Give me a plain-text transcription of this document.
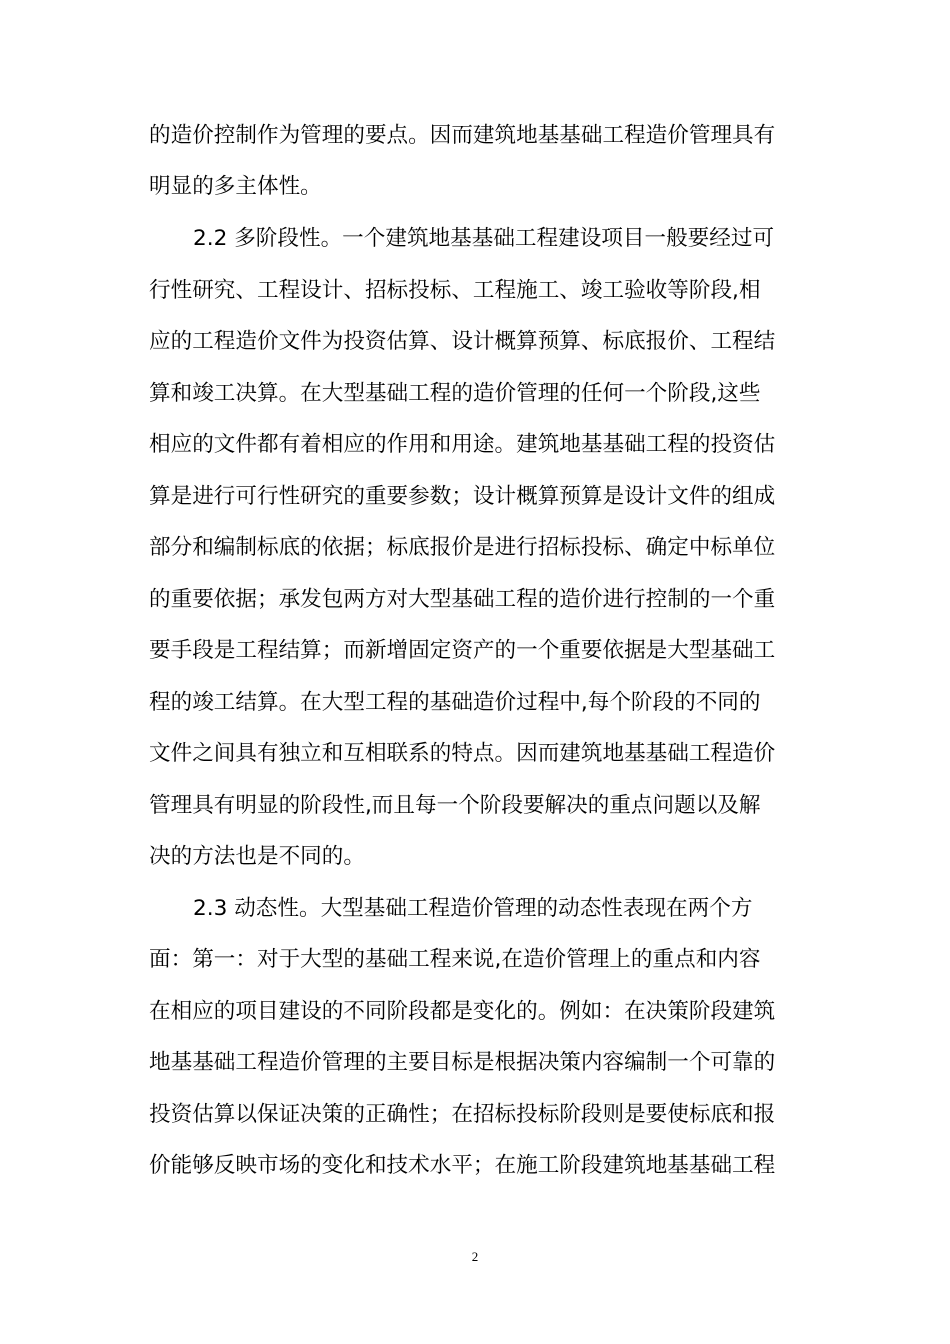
的造价控制作为管理的要点。因而建筑地基基础工程造价管理具有
明显的多主体性。
2.2 多阶段性。一个建筑地基基础工程建设项目一般要经过可
行性研究、工程设计、招标投标、工程施工、竣工验收等阶段,相
应的工程造价文件为投资估算、设计概算预算、标底报价、工程结
算和竣工决算。在大型基础工程的造价管理的任何一个阶段,这些
相应的文件都有着相应的作用和用途。建筑地基基础工程的投资估
算是进行可行性研究的重要参数；设计概算预算是设计文件的组成
部分和编制标底的依据；标底报价是进行招标投标、确定中标单位
的重要依据；承发包两方对大型基础工程的造价进行控制的一个重
要手段是工程结算；而新增固定资产的一个重要依据是大型基础工
程的竣工结算。在大型工程的基础造价过程中,每个阶段的不同的
文件之间具有独立和互相联系的特点。因而建筑地基基础工程造价
管理具有明显的阶段性,而且每一个阶段要解决的重点问题以及解
决的方法也是不同的。
2.3 动态性。大型基础工程造价管理的动态性表现在两个方
面：第一：对于大型的基础工程来说,在造价管理上的重点和内容
在相应的项目建设的不同阶段都是变化的。例如：在决策阶段建筑
地基基础工程造价管理的主要目标是根据决策内容编制一个可靠的
投资估算以保证决策的正确性；在招标投标阶段则是要使标底和报
价能够反映市场的变化和技术水平；在施工阶段建筑地基基础工程
2
